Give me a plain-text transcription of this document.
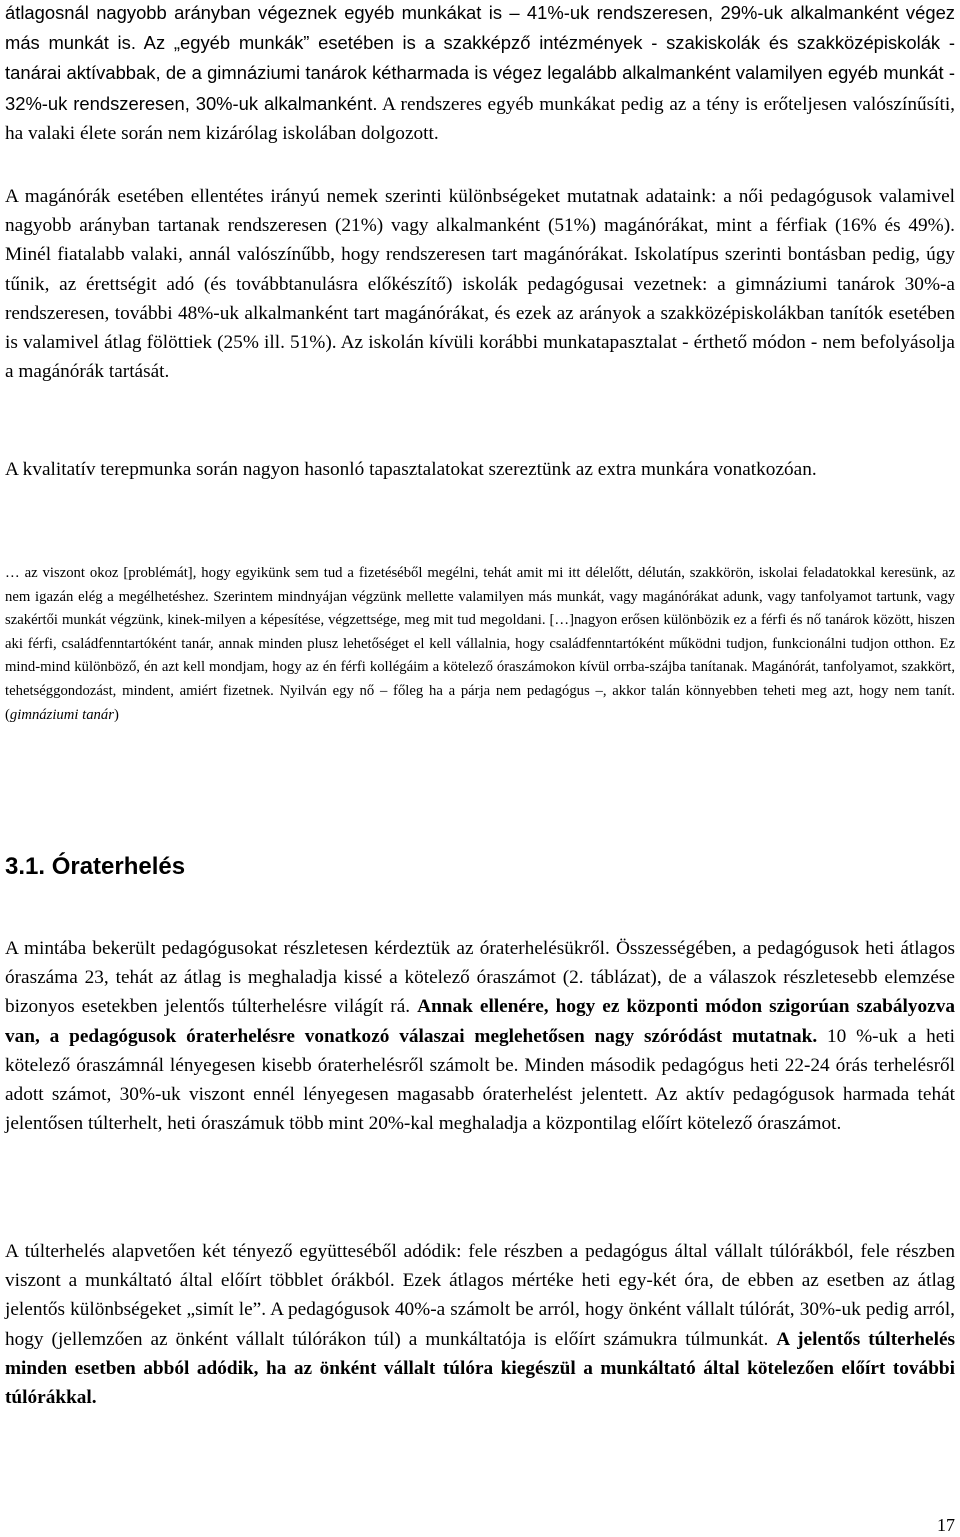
átlagosnál nagyobb arányban végeznek egyéb munkákat is – 41%-uk rendszeresen, 29%-uk alkalmanként végez más munkát is. Az „egyéb munkák” esetében is a szakképző intézmények - szakiskolák és szakközépiskolák - tanárai aktívabbak, de a gimnáziumi tanárok kétharmada is végez legalább alkalmanként valamilyen egyéb munkát - 32%-uk rendszeresen, 30%-uk alkalmanként. A rendszeres egyéb munkákat pedig az a tény is erőteljesen valószínűsíti, ha valaki élete során nem kizárólag iskolában dolgozott.

A magánórák esetében ellentétes irányú nemek szerinti különbségeket mutatnak adataink: a női pedagógusok valamivel nagyobb arányban tartanak rendszeresen (21%) vagy alkalmanként (51%) magánórákat, mint a férfiak (16% és 49%). Minél fiatalabb valaki, annál valószínűbb, hogy rendszeresen tart magánórákat. Iskolatípus szerinti bontásban pedig, úgy tűnik, az érettségit adó (és továbbtanulásra előkészítő) iskolák pedagógusai vezetnek: a gimnáziumi tanárok 30%-a rendszeresen, további 48%-uk alkalmanként tart magánórákat, és ezek az arányok a szakközépiskolákban tanítók esetében is valamivel átlag fölöttiek (25% ill. 51%). Az iskolán kívüli korábbi munkatapasztalat - érthető módon - nem befolyásolja a magánórák tartását.

A kvalitatív terepmunka során nagyon hasonló tapasztalatokat szereztünk az extra munkára vonatkozóan.

… az viszont okoz [problémát], hogy egyikünk sem tud a fizetéséből megélni, tehát amit mi itt délelőtt, délután, szakkörön, iskolai feladatokkal keresünk, az nem igazán elég a megélhetéshez. Szerintem mindnyájan végzünk mellette valamilyen más munkát, vagy magánórákat adunk, vagy tanfolyamot tartunk, vagy szakértői munkát végzünk, kinek-milyen a képesítése, végzettsége, meg mit tud megoldani. […]nagyon erősen különbözik ez a férfi és nő tanárok között, hiszen aki férfi, családfenntartóként tanár, annak minden plusz lehetőséget el kell vállalnia, hogy családfenntartóként működni tudjon, funkcionálni tudjon otthon. Ez mind-mind különböző, én azt kell mondjam, hogy az én férfi kollégáim a kötelező óraszámokon kívül orrba-szájba tanítanak. Magánórát, tanfolyamot, szakkört, tehetséggondozást, mindent, amiért fizetnek. Nyilván egy nő – főleg ha a párja nem pedagógus –, akkor talán könnyebben teheti meg azt, hogy nem tanít. (gimnáziumi tanár)

3.1. Óraterhelés

A mintába bekerült pedagógusokat részletesen kérdeztük az óraterhelésükről. Összességében, a pedagógusok heti átlagos óraszáma 23, tehát az átlag is meghaladja kissé a kötelező óraszámot (2. táblázat), de a válaszok részletesebb elemzése bizonyos esetekben jelentős túlterhelésre világít rá. Annak ellenére, hogy ez központi módon szigorúan szabályozva van, a pedagógusok óraterhelésre vonatkozó válaszai meglehetősen nagy szóródást mutatnak. 10 %-uk a heti kötelező óraszámnál lényegesen kisebb óraterhelésről számolt be. Minden második pedagógus heti 22-24 órás terhelésről adott számot, 30%-uk viszont ennél lényegesen magasabb óraterhelést jelentett. Az aktív pedagógusok harmada tehát jelentősen túlterhelt, heti óraszámuk több mint 20%-kal meghaladja a központilag előírt kötelező óraszámot.

A túlterhelés alapvetően két tényező együtteséből adódik: fele részben a pedagógus által vállalt túlórákból, fele részben viszont a munkáltató által előírt többlet órákból. Ezek átlagos mértéke heti egy-két óra, de ebben az esetben az átlag jelentős különbségeket „simít le”. A pedagógusok 40%-a számolt be arról, hogy önként vállalt túlórát, 30%-uk pedig arról, hogy (jellemzően az önként vállalt túlórákon túl) a munkáltatója is előírt számukra túlmunkát. A jelentős túlterhelés minden esetben abból adódik, ha az önként vállalt túlóra kiegészül a munkáltató által kötelezően előírt további túlórákkal.

17
